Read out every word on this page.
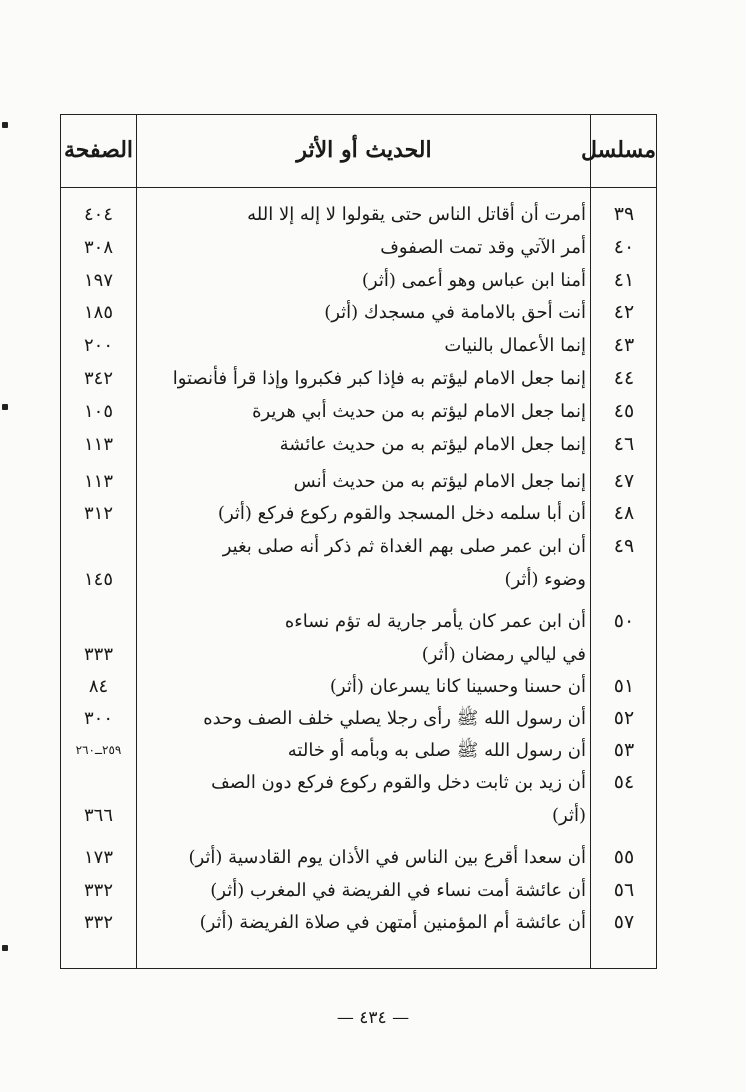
مسلسل
الحديث أو الأثر
الصفحة
٣٩
أمرت أن أقاتل الناس حتى يقولوا لا إله إلا الله
٤٠٤
٤٠
أمر الآتي وقد تمت الصفوف
٣٠٨
٤١
أمنا ابن عباس وهو أعمى (أثر)
١٩٧
٤٢
أنت أحق بالامامة في مسجدك (أثر)
١٨٥
٤٣
إنما الأعمال بالنيات
٢٠٠
٤٤
إنما جعل الامام ليؤتم به فإذا كبر فكبروا وإذا قرأ فأنصتوا
٣٤٢
٤٥
إنما جعل الامام ليؤتم به من حديث أبي هريرة
١٠٥
٤٦
إنما جعل الامام ليؤتم به من حديث عائشة
١١٣
٤٧
إنما جعل الامام ليؤتم به من حديث أنس
١١٣
٤٨
أن أبا سلمه دخل المسجد والقوم ركوع فركع (أثر)
٣١٢
٤٩
أن ابن عمر صلى بهم الغداة ثم ذكر أنه صلى بغير
وضوء (أثر)
١٤٥
٥٠
أن ابن عمر كان يأمر جارية له تؤم نساءه
في ليالي رمضان (أثر)
٣٣٣
٥١
أن حسنا وحسينا كانا يسرعان (أثر)
٨٤
٥٢
أن رسول الله ﷺ رأى رجلا يصلي خلف الصف وحده
٣٠٠
٥٣
أن رسول الله ﷺ صلى به وبأمه أو خالته
٢٥٩ــ٢٦٠
٥٤
أن زيد بن ثابت دخل والقوم ركوع فركع دون الصف
(أثر)
٣٦٦
٥٥
أن سعدا أقرع بين الناس في الأذان يوم القادسية (أثر)
١٧٣
٥٦
أن عائشة أمت نساء في الفريضة في المغرب (أثر)
٣٣٢
٥٧
أن عائشة أم المؤمنين أمتهن في صلاة الفريضة (أثر)
٣٣٢
— ٤٣٤ —
